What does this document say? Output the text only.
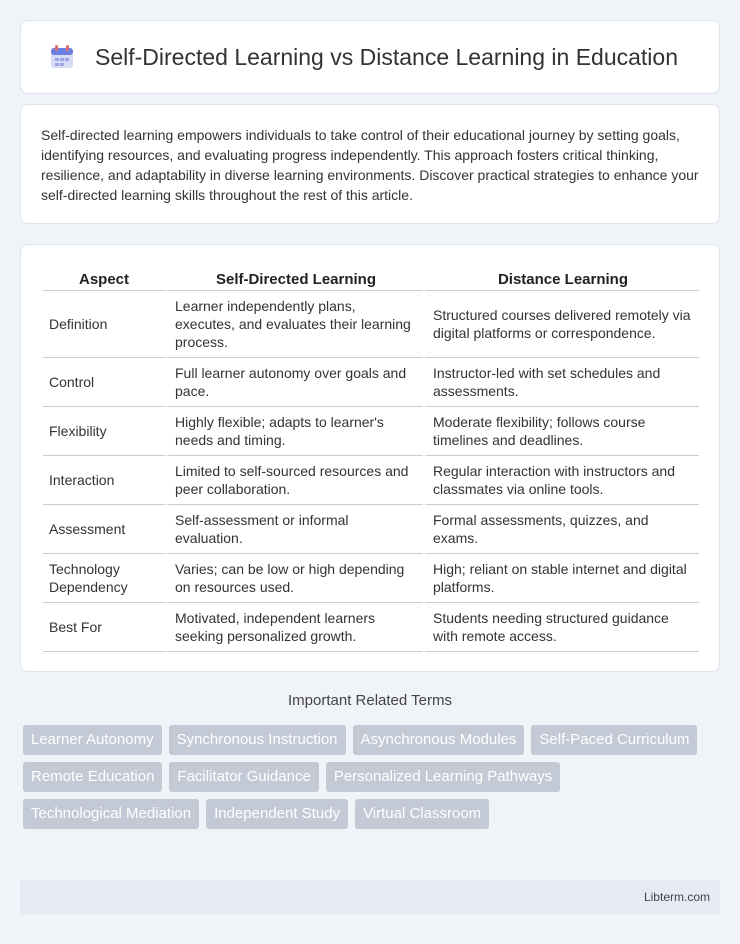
Self-Directed Learning vs Distance Learning in Education

Self-directed learning empowers individuals to take control of their educational journey by setting goals, identifying resources, and evaluating progress independently. This approach fosters critical thinking, resilience, and adaptability in diverse learning environments. Discover practical strategies to enhance your self-directed learning skills throughout the rest of this article.

Aspect	Self-Directed Learning	Distance Learning
Definition	Learner independently plans, executes, and evaluates their learning process.	Structured courses delivered remotely via digital platforms or correspondence.
Control	Full learner autonomy over goals and pace.	Instructor-led with set schedules and assessments.
Flexibility	Highly flexible; adapts to learner's needs and timing.	Moderate flexibility; follows course timelines and deadlines.
Interaction	Limited to self-sourced resources and peer collaboration.	Regular interaction with instructors and classmates via online tools.
Assessment	Self-assessment or informal evaluation.	Formal assessments, quizzes, and exams.
Technology Dependency	Varies; can be low or high depending on resources used.	High; reliant on stable internet and digital platforms.
Best For	Motivated, independent learners seeking personalized growth.	Students needing structured guidance with remote access.
Important Related Terms
Learner Autonomy	Synchronous Instruction	Asynchronous Modules	Self-Paced Curriculum
Remote Education	Facilitator Guidance	Personalized Learning Pathways
Technological Mediation	Independent Study	Virtual Classroom
Libterm.com
